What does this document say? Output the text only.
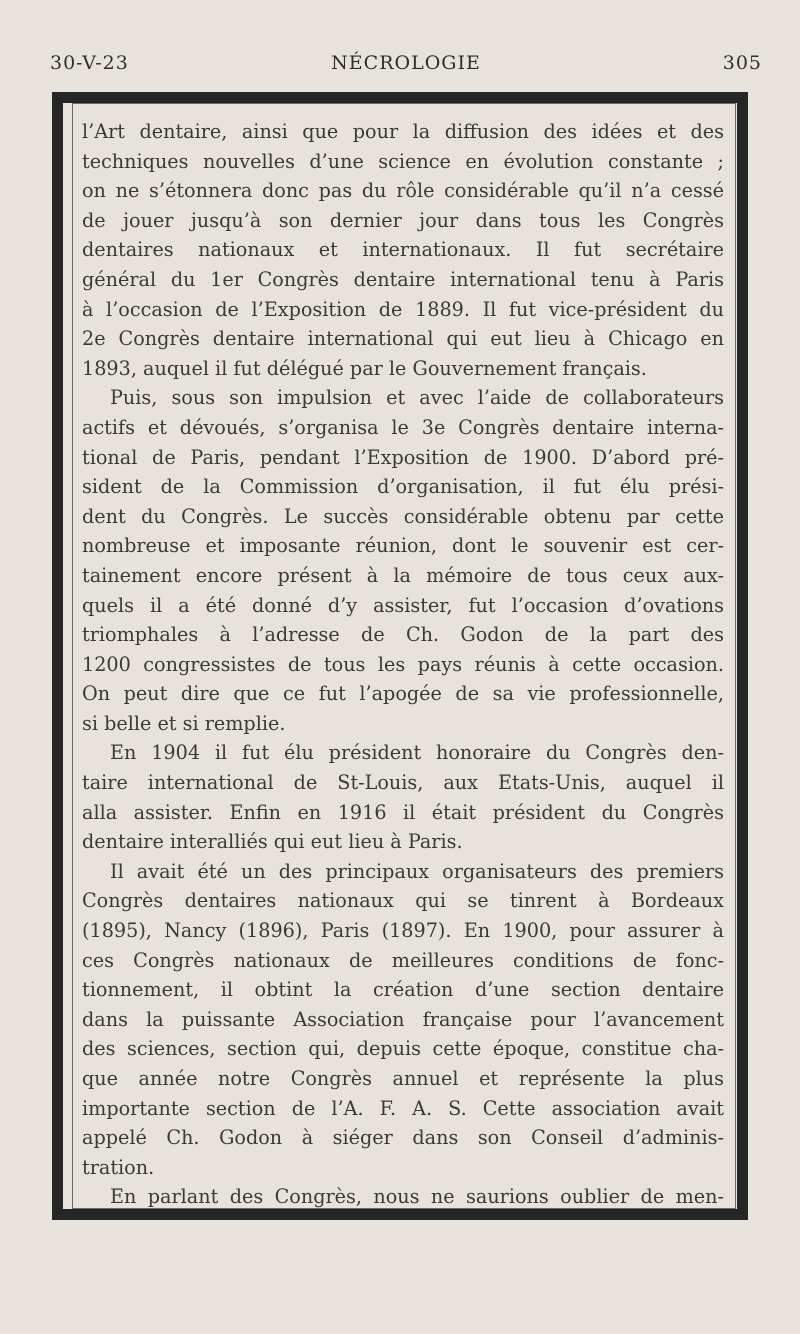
30-V-23	NÉCROLOGIE	305
l’Art dentaire, ainsi que pour la diffusion des idées et des
techniques nouvelles d’une science en évolution constante ;
on ne s’étonnera donc pas du rôle considérable qu’il n’a cessé
de jouer jusqu’à son dernier jour dans tous les Congrès
dentaires nationaux et internationaux. Il fut secrétaire
général du 1er Congrès dentaire international tenu à Paris
à l’occasion de l’Exposition de 1889. Il fut vice-président du
2e Congrès dentaire international qui eut lieu à Chicago en
1893, auquel il fut délégué par le Gouvernement français.
Puis, sous son impulsion et avec l’aide de collaborateurs
actifs et dévoués, s’organisa le 3e Congrès dentaire interna-
tional de Paris, pendant l’Exposition de 1900. D’abord pré-
sident de la Commission d’organisation, il fut élu prési-
dent du Congrès. Le succès considérable obtenu par cette
nombreuse et imposante réunion, dont le souvenir est cer-
tainement encore présent à la mémoire de tous ceux aux-
quels il a été donné d’y assister, fut l’occasion d’ovations
triomphales à l’adresse de Ch. Godon de la part des
1200 congressistes de tous les pays réunis à cette occasion.
On peut dire que ce fut l’apogée de sa vie professionnelle,
si belle et si remplie.
En 1904 il fut élu président honoraire du Congrès den-
taire international de St-Louis, aux Etats-Unis, auquel il
alla assister. Enfin en 1916 il était président du Congrès
dentaire interalliés qui eut lieu à Paris.
Il avait été un des principaux organisateurs des premiers
Congrès dentaires nationaux qui se tinrent à Bordeaux
(1895), Nancy (1896), Paris (1897). En 1900, pour assurer à
ces Congrès nationaux de meilleures conditions de fonc-
tionnement, il obtint la création d’une section dentaire
dans la puissante Association française pour l’avancement
des sciences, section qui, depuis cette époque, constitue cha-
que année notre Congrès annuel et représente la plus
importante section de l’A. F. A. S. Cette association avait
appelé Ch. Godon à siéger dans son Conseil d’adminis-
tration.
En parlant des Congrès, nous ne saurions oublier de men-
